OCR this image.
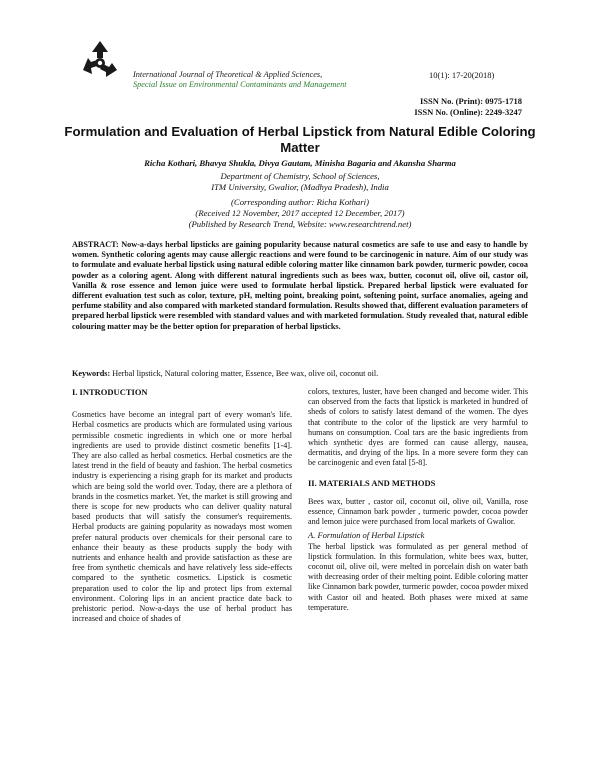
International Journal of Theoretical & Applied Sciences,
Special Issue on Environmental Contaminants and Management
10(1): 17-20(2018)
ISSN No. (Print): 0975-1718
ISSN No. (Online): 2249-3247
Formulation and Evaluation of Herbal Lipstick from Natural Edible Coloring Matter
Richa Kothari, Bhavya Shukla, Divya Gautam, Minisha Bagaria and Akansha Sharma
Department of Chemistry, School of Sciences,
ITM University, Gwalior, (Madhya Pradesh), India
(Corresponding author: Richa Kothari)
(Received 12 November, 2017 accepted 12 December, 2017)
(Published by Research Trend, Website: www.researchtrend.net)
ABSTRACT: Now-a-days herbal lipsticks are gaining popularity because natural cosmetics are safe to use and easy to handle by women. Synthetic coloring agents may cause allergic reactions and were found to be carcinogenic in nature. Aim of our study was to formulate and evaluate herbal lipstick using natural edible coloring matter like cinnamon bark powder, turmeric powder, cocoa powder as a coloring agent. Along with different natural ingredients such as bees wax, butter, coconut oil, olive oil, castor oil, Vanilla & rose essence and lemon juice were used to formulate herbal lipstick. Prepared herbal lipstick were evaluated for different evaluation test such as color, texture, pH, melting point, breaking point, softening point, surface anomalies, ageing and perfume stability and also compared with marketed standard formulation. Results showed that, different evaluation parameters of prepared herbal lipstick were resembled with standard values and with marketed formulation. Study revealed that, natural edible colouring matter may be the better option for preparation of herbal lipsticks.
Keywords: Herbal lipstick, Natural coloring matter, Essence, Bee wax, olive oil, coconut oil.
I. INTRODUCTION

Cosmetics have become an integral part of every woman's life. Herbal cosmetics are products which are formulated using various permissible cosmetic ingredients in which one or more herbal ingredients are used to provide distinct cosmetic benefits [1-4]. They are also called as herbal cosmetics. Herbal cosmetics are the latest trend in the field of beauty and fashion. The herbal cosmetics industry is experiencing a rising graph for its market and products which are being sold the world over. Today, there are a plethora of brands in the cosmetics market. Yet, the market is still growing and there is scope for new products who can deliver quality natural based products that will satisfy the consumer's requirements. Herbal products are gaining popularity as nowadays most women prefer natural products over chemicals for their personal care to enhance their beauty as these products supply the body with nutrients and enhance health and provide satisfaction as these are free from synthetic chemicals and have relatively less side-effects compared to the synthetic cosmetics. Lipstick is cosmetic preparation used to color the lip and protect lips from external environment. Coloring lips in an ancient practice date back to prehistoric period. Now-a-days the use of herbal product has increased and choice of shades of

colors, textures, luster, have been changed and become wider. This can observed from the facts that lipstick is marketed in hundred of sheds of colors to satisfy latest demand of the women. The dyes that contribute to the color of the lipstick are very harmful to humans on consumption. Coal tars are the basic ingredients from which synthetic dyes are formed can cause allergy, nausea, dermatitis, and drying of the lips. In a more severe form they can be carcinogenic and even fatal [5-8].

II. MATERIALS AND METHODS

Bees wax, butter , castor oil, coconut oil, olive oil, Vanilla, rose essence, Cinnamon bark powder , turmeric powder, cocoa powder and lemon juice were purchased from local markets of Gwalior.

A. Formulation of Herbal Lipstick

The herbal lipstick was formulated as per general method of lipstick formulation. In this formulation, white bees wax, butter, coconut oil, olive oil, were melted in porcelain dish on water bath with decreasing order of their melting point. Edible coloring matter like Cinnamon bark powder, turmeric powder, cocoa powder mixed with Castor oil and heated. Both phases were mixed at same temperature.
